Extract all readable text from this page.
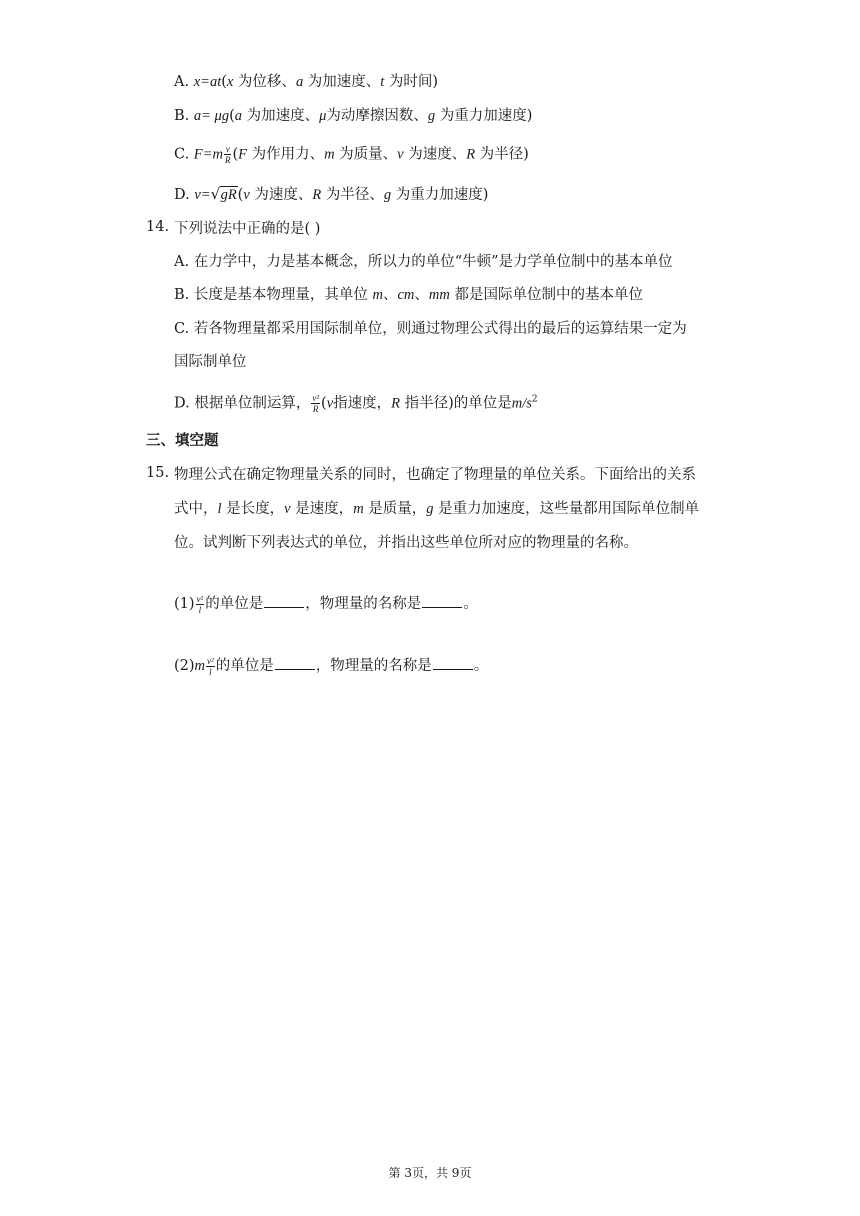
A. x=at(x 为位移、a 为加速度、t 为时间)
B. a= μg(a 为加速度、μ为动摩擦因数、g 为重力加速度)
C. $F=m \frac{v}{R} (F$ 为作用力、m 为质量、v 为速度、R 为半径)
D. v= √ gR(v 为速度、R 为半径、g 为重力加速度)
14. 下列说法中正确的是( )
A. 在力学中，力是基本概念，所以力的单位“牛顿”是力学单位制中的基本单位
B. 长度是基本物理量，其单位 m、cm、mm 都是国际单位制中的基本单位
C. 若各物理量都采用国际制单位，则通过物理公式得出的最后的运算结果一定为
国际制单位
D. 根据单位制运算， $\frac{\text{v²}}{R} (v$指速度，R 指半径)的单位是$m/s^2$
三、填空题
15. 物理公式在确定物理量关系的同时，也确定了物理量的单位关系。下面给出的关系
式中，l 是长度，v 是速度，m 是质量，g 是重力加速度，这些量都用国际单位制单
位。试判断下列表达式的单位，并指出这些单位所对应的物理量的名称。
$(1) \frac{\text{v²}}{l}$ 的单位是	，物理量的名称是	。
$(2)m \frac{\text{v²}}{l}$ 的单位是	，物理量的名称是	。
第 3页，共 9页
